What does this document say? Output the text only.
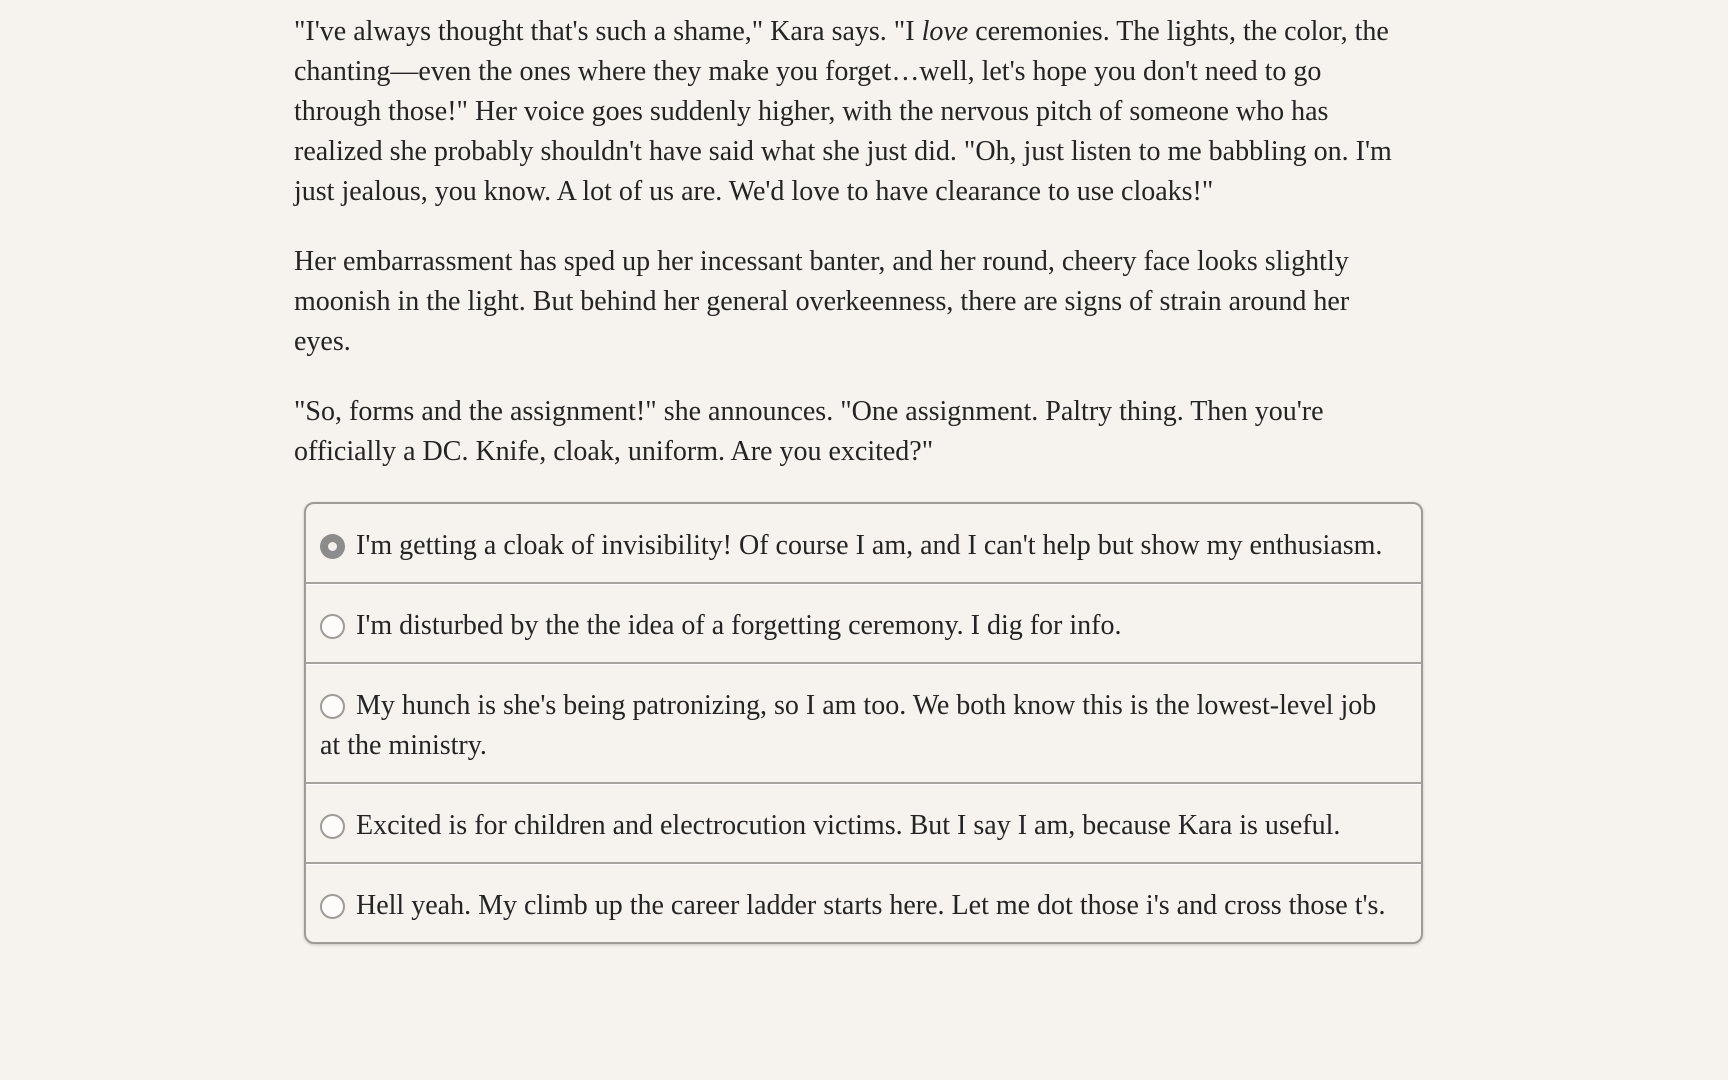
"I've always thought that's such a shame," Kara says. "I love ceremonies. The lights, the color, the chanting—even the ones where they make you forget…well, let's hope you don't need to go through those!" Her voice goes suddenly higher, with the nervous pitch of someone who has realized she probably shouldn't have said what she just did. "Oh, just listen to me babbling on. I'm just jealous, you know. A lot of us are. We'd love to have clearance to use cloaks!"

Her embarrassment has sped up her incessant banter, and her round, cheery face looks slightly moonish in the light. But behind her general overkeenness, there are signs of strain around her eyes.

"So, forms and the assignment!" she announces. "One assignment. Paltry thing. Then you're officially a DC. Knife, cloak, uniform. Are you excited?"

I'm getting a cloak of invisibility! Of course I am, and I can't help but show my enthusiasm.
I'm disturbed by the the idea of a forgetting ceremony. I dig for info.
My hunch is she's being patronizing, so I am too. We both know this is the lowest-level job at the ministry.
Excited is for children and electrocution victims. But I say I am, because Kara is useful.
Hell yeah. My climb up the career ladder starts here. Let me dot those i's and cross those t's.
